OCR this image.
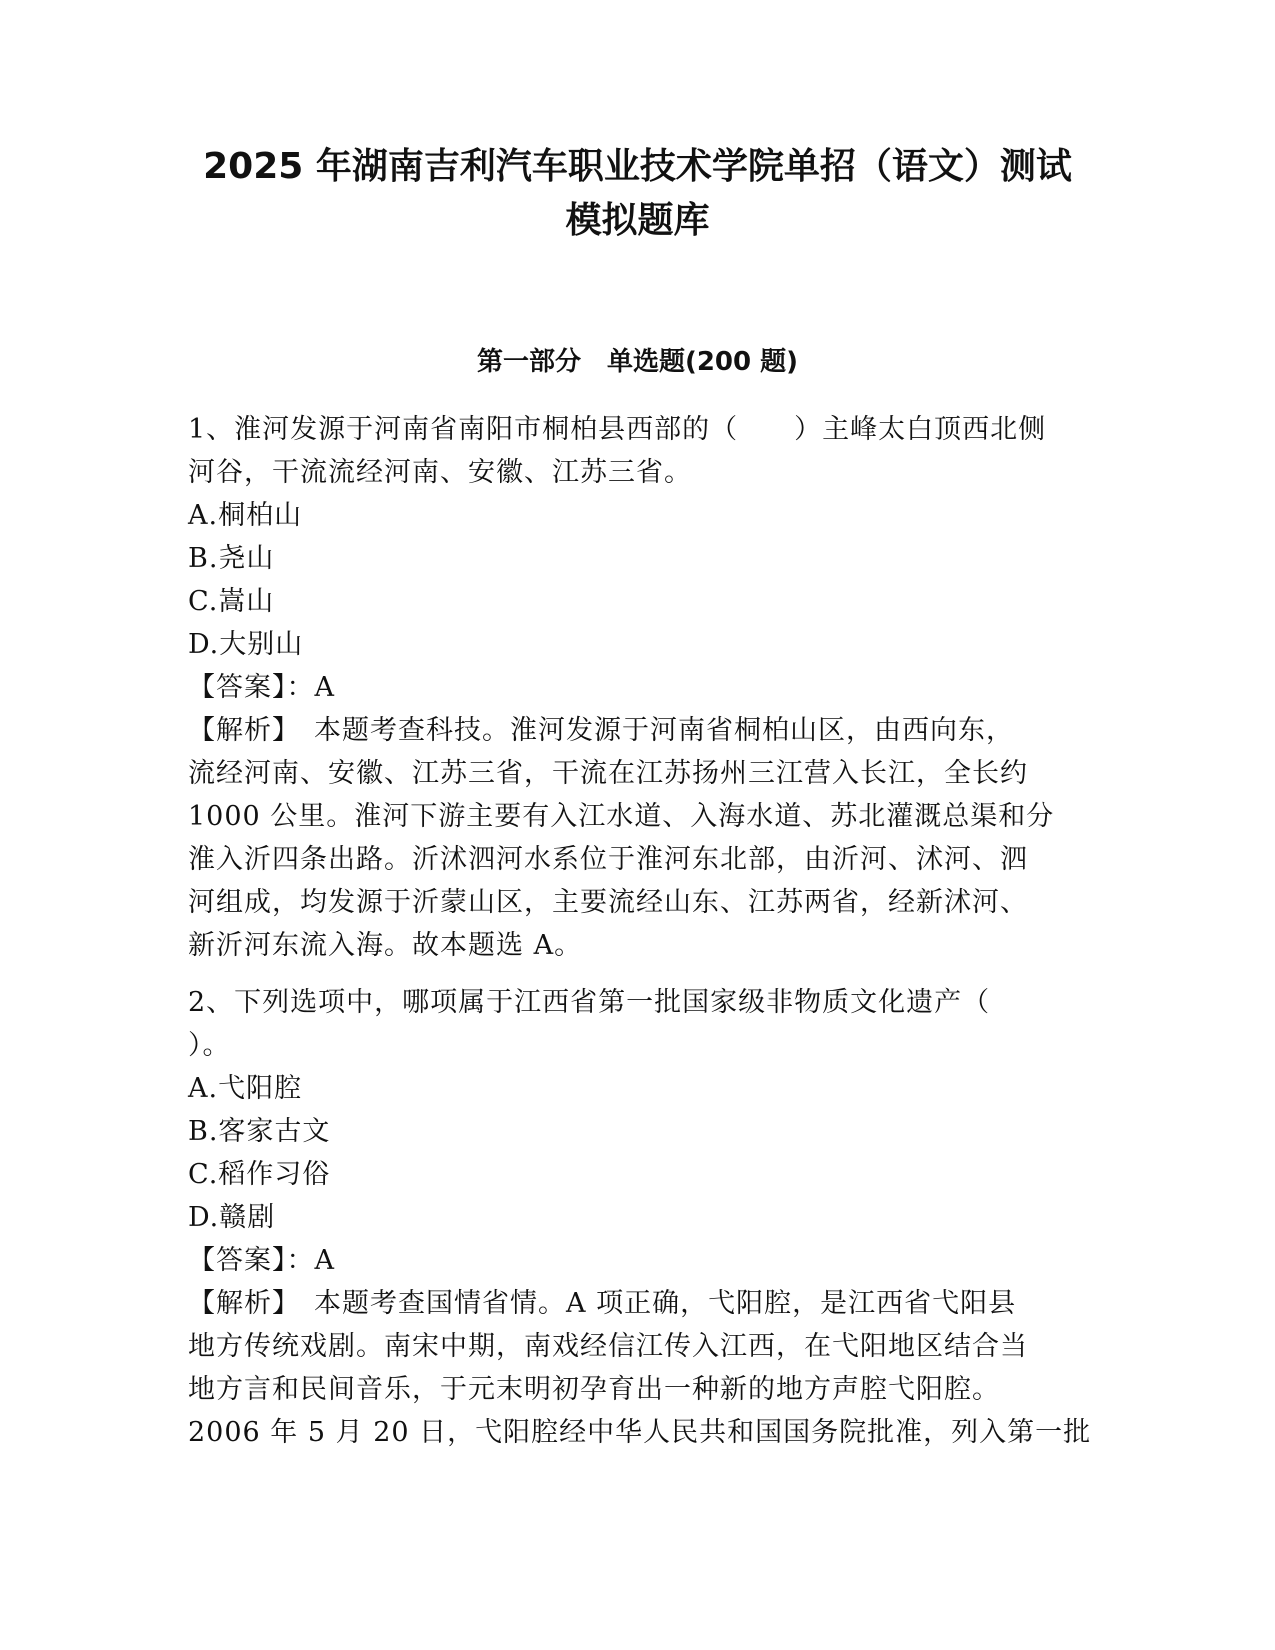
2025 年湖南吉利汽车职业技术学院单招（语文）测试
模拟题库
第一部分　单选题(200 题)
1、淮河发源于河南省南阳市桐柏县西部的（　　）主峰太白顶西北侧
河谷，干流流经河南、安徽、江苏三省。
A.桐柏山
B.尧山
C.嵩山
D.大别山
【答案】：A
【解析】 本题考查科技。淮河发源于河南省桐柏山区，由西向东，
流经河南、安徽、江苏三省，干流在江苏扬州三江营入长江，全长约
1000 公里。淮河下游主要有入江水道、入海水道、苏北灌溉总渠和分
淮入沂四条出路。沂沭泗河水系位于淮河东北部，由沂河、沭河、泗
河组成，均发源于沂蒙山区，主要流经山东、江苏两省，经新沭河、
新沂河东流入海。故本题选 A。
2、下列选项中，哪项属于江西省第一批国家级非物质文化遗产（
）。
A.弋阳腔
B.客家古文
C.稻作习俗
D.赣剧
【答案】：A
【解析】 本题考查国情省情。A 项正确，弋阳腔，是江西省弋阳县
地方传统戏剧。南宋中期，南戏经信江传入江西，在弋阳地区结合当
地方言和民间音乐，于元末明初孕育出一种新的地方声腔弋阳腔。
2006 年 5 月 20 日，弋阳腔经中华人民共和国国务院批准，列入第一批
